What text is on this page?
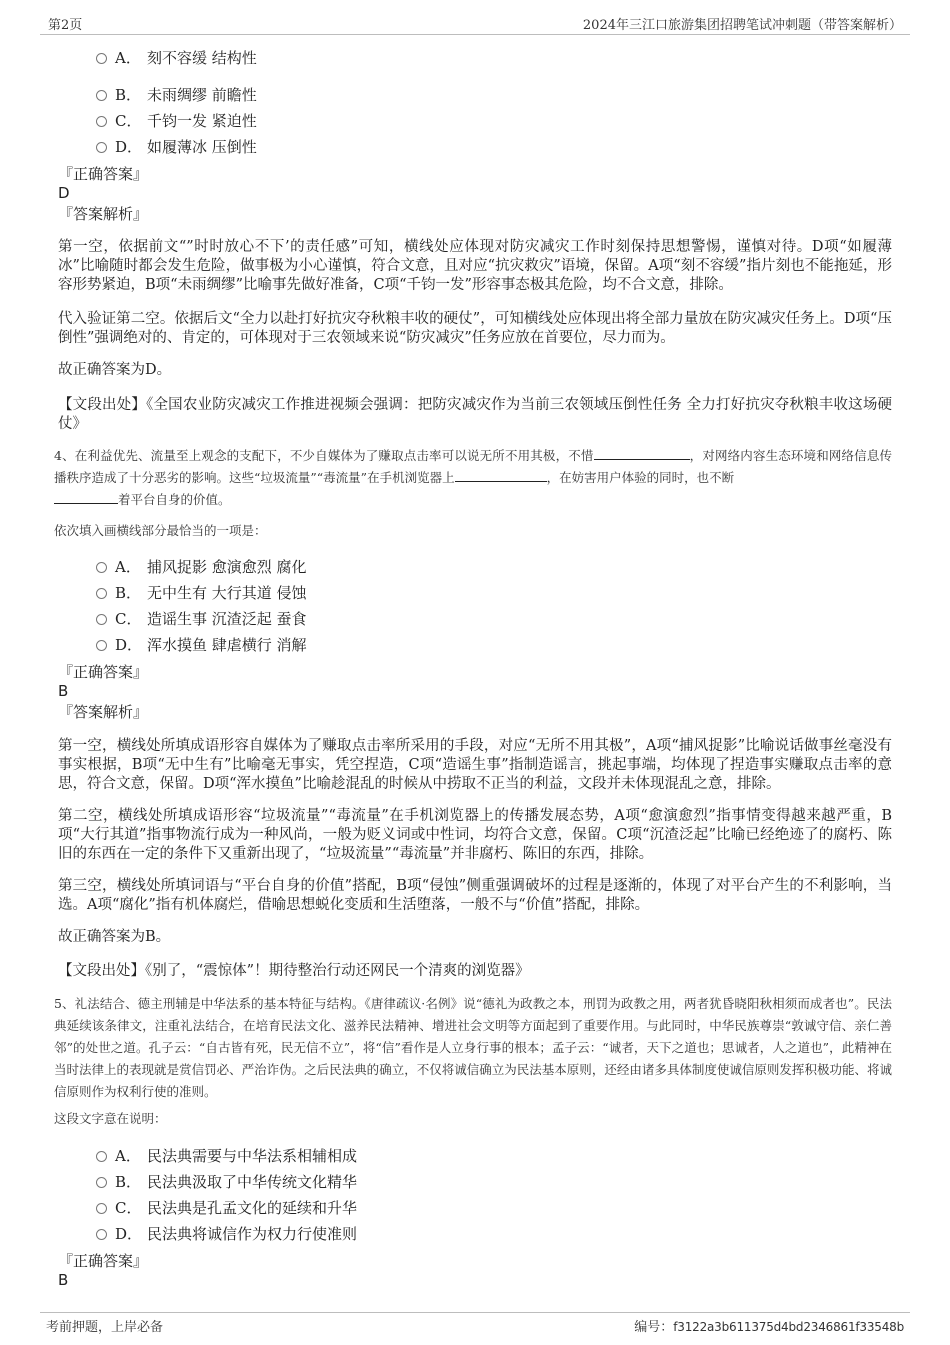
第2页	2024年三江口旅游集团招聘笔试冲刺题（带答案解析）
A． 刻不容缓 结构性
B． 未雨绸缪 前瞻性
C． 千钧一发 紧迫性
D． 如履薄冰 压倒性
『正确答案』
D
『答案解析』
第一空，依据前文“”时时放心不下’的责任感”可知，横线处应体现对防灾减灾工作时刻保持思想警惕，谨慎对待。D项“如履薄冰”比喻随时都会发生危险，做事极为小心谨慎，符合文意，且对应“抗灾救灾”语境，保留。A项“刻不容缓”指片刻也不能拖延，形容形势紧迫，B项“未雨绸缪”比喻事先做好准备，C项“千钧一发”形容事态极其危险，均不合文意，排除。
代入验证第二空。依据后文“全力以赴打好抗灾夺秋粮丰收的硬仗”，可知横线处应体现出将全部力量放在防灾减灾任务上。D项“压倒性”强调绝对的、肯定的，可体现对于三农领域来说“防灾减灾”任务应放在首要位，尽力而为。
故正确答案为D。
【文段出处】《全国农业防灾减灾工作推进视频会强调：把防灾减灾作为当前三农领域压倒性任务 全力打好抗灾夺秋粮丰收这场硬仗》
4、在利益优先、流量至上观念的支配下，不少自媒体为了赚取点击率可以说无所不用其极，不惜	，对网络内容生态环境和网络信息传播秩序造成了十分恶劣的影响。这些“垃圾流量”“毒流量”在手机浏览器上	，在妨害用户体验的同时，也不断
着平台自身的价值。
依次填入画横线部分最恰当的一项是：
A． 捕风捉影 愈演愈烈 腐化
B． 无中生有 大行其道 侵蚀
C． 造谣生事 沉渣泛起 蚕食
D． 浑水摸鱼 肆虐横行 消解
『正确答案』
B
『答案解析』
第一空，横线处所填成语形容自媒体为了赚取点击率所采用的手段，对应“无所不用其极”，A项“捕风捉影”比喻说话做事丝毫没有事实根据，B项“无中生有”比喻毫无事实，凭空捏造，C项“造谣生事”指制造谣言，挑起事端，均体现了捏造事实赚取点击率的意思，符合文意，保留。D项“浑水摸鱼”比喻趁混乱的时候从中捞取不正当的利益，文段并未体现混乱之意，排除。
第二空，横线处所填成语形容“垃圾流量”“毒流量”在手机浏览器上的传播发展态势，A项“愈演愈烈”指事情变得越来越严重，B项“大行其道”指事物流行成为一种风尚，一般为贬义词或中性词，均符合文意，保留。C项“沉渣泛起”比喻已经绝迹了的腐朽、陈旧的东西在一定的条件下又重新出现了，“垃圾流量”“毒流量”并非腐朽、陈旧的东西，排除。
第三空，横线处所填词语与“平台自身的价值”搭配，B项“侵蚀”侧重强调破坏的过程是逐渐的，体现了对平台产生的不利影响，当选。A项“腐化”指有机体腐烂，借喻思想蜕化变质和生活堕落，一般不与“价值”搭配，排除。
故正确答案为B。
【文段出处】《别了，“震惊体”！期待整治行动还网民一个清爽的浏览器》
5、礼法结合、德主刑辅是中华法系的基本特征与结构。《唐律疏议·名例》说“德礼为政教之本，刑罚为政教之用，两者犹昏晓阳秋相须而成者也”。民法典延续该条律文，注重礼法结合，在培育民法文化、滋养民法精神、增进社会文明等方面起到了重要作用。与此同时，中华民族尊崇“敦诚守信、亲仁善邻”的处世之道。孔子云：“自古皆有死，民无信不立”，将“信”看作是人立身行事的根本；孟子云：“诚者，天下之道也；思诚者，人之道也”，此精神在当时法律上的表现就是赏信罚必、严治诈伪。之后民法典的确立，不仅将诚信确立为民法基本原则，还经由诸多具体制度使诚信原则发挥积极功能、将诚信原则作为权利行使的准则。
这段文字意在说明：
A． 民法典需要与中华法系相辅相成
B． 民法典汲取了中华传统文化精华
C． 民法典是孔孟文化的延续和升华
D． 民法典将诚信作为权力行使准则
『正确答案』
B
考前押题，上岸必备	编号：f3122a3b611375d4bd2346861f33548b
